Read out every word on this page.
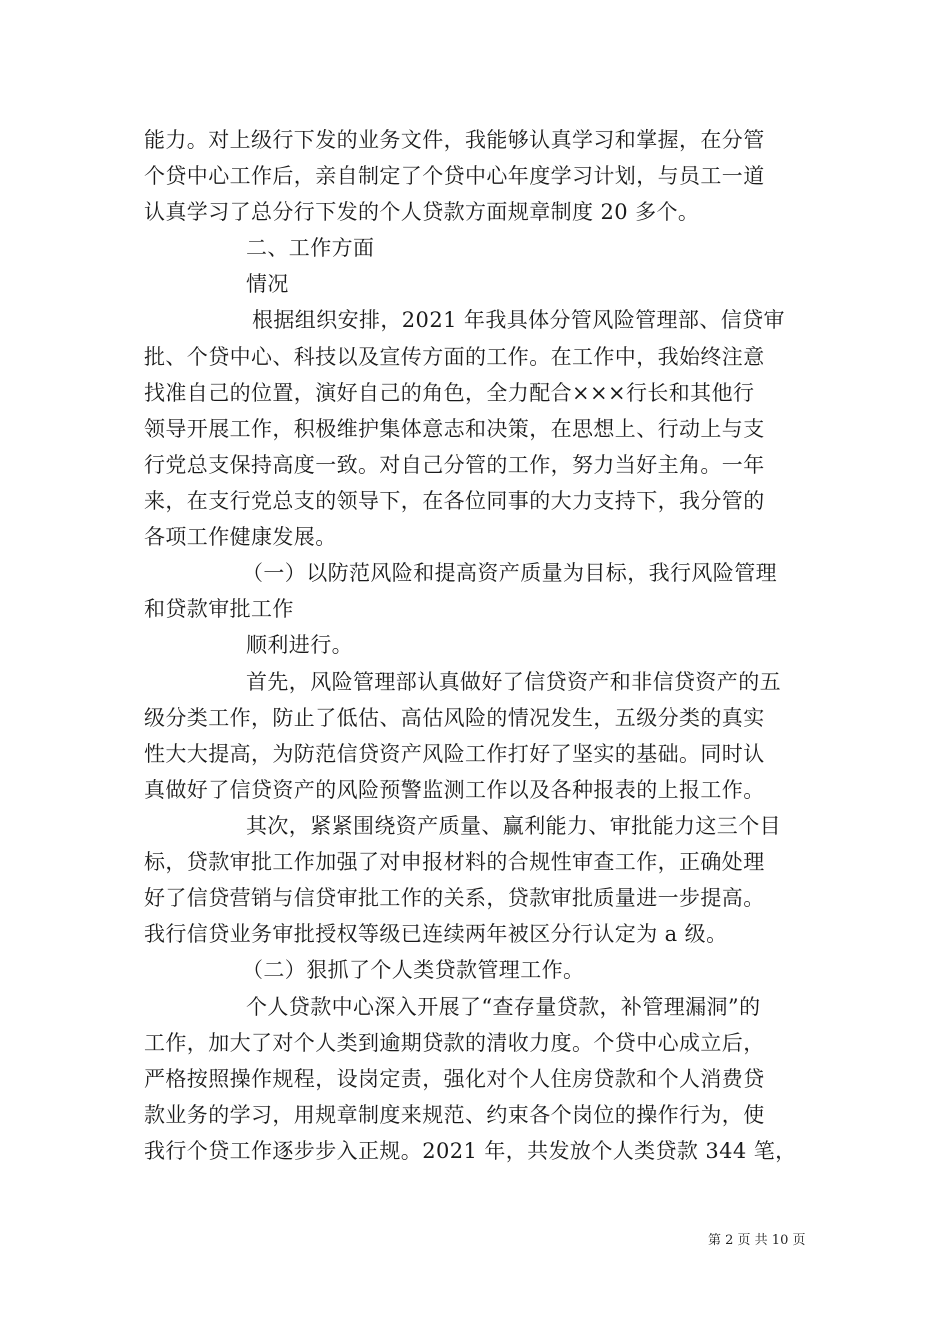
能力。对上级行下发的业务文件，我能够认真学习和掌握，在分管
个贷中心工作后，亲自制定了个贷中心年度学习计划，与员工一道
认真学习了总分行下发的个人贷款方面规章制度 20 多个。
二、工作方面
情况
根据组织安排，2021 年我具体分管风险管理部、信贷审
批、个贷中心、科技以及宣传方面的工作。在工作中，我始终注意
找准自己的位置，演好自己的角色，全力配合×××行长和其他行
领导开展工作，积极维护集体意志和决策，在思想上、行动上与支
行党总支保持高度一致。对自己分管的工作，努力当好主角。一年
来，在支行党总支的领导下，在各位同事的大力支持下，我分管的
各项工作健康发展。
（一）以防范风险和提高资产质量为目标，我行风险管理
和贷款审批工作
顺利进行。
首先，风险管理部认真做好了信贷资产和非信贷资产的五
级分类工作，防止了低估、高估风险的情况发生，五级分类的真实
性大大提高，为防范信贷资产风险工作打好了坚实的基础。同时认
真做好了信贷资产的风险预警监测工作以及各种报表的上报工作。
其次，紧紧围绕资产质量、赢利能力、审批能力这三个目
标，贷款审批工作加强了对申报材料的合规性审查工作，正确处理
好了信贷营销与信贷审批工作的关系，贷款审批质量进一步提高。
我行信贷业务审批授权等级已连续两年被区分行认定为 a 级。
（二）狠抓了个人类贷款管理工作。
个人贷款中心深入开展了“查存量贷款，补管理漏洞”的
工作，加大了对个人类到逾期贷款的清收力度。个贷中心成立后，
严格按照操作规程，设岗定责，强化对个人住房贷款和个人消费贷
款业务的学习，用规章制度来规范、约束各个岗位的操作行为，使
我行个贷工作逐步步入正规。2021 年，共发放个人类贷款 344 笔，
第 2 页 共 10 页
